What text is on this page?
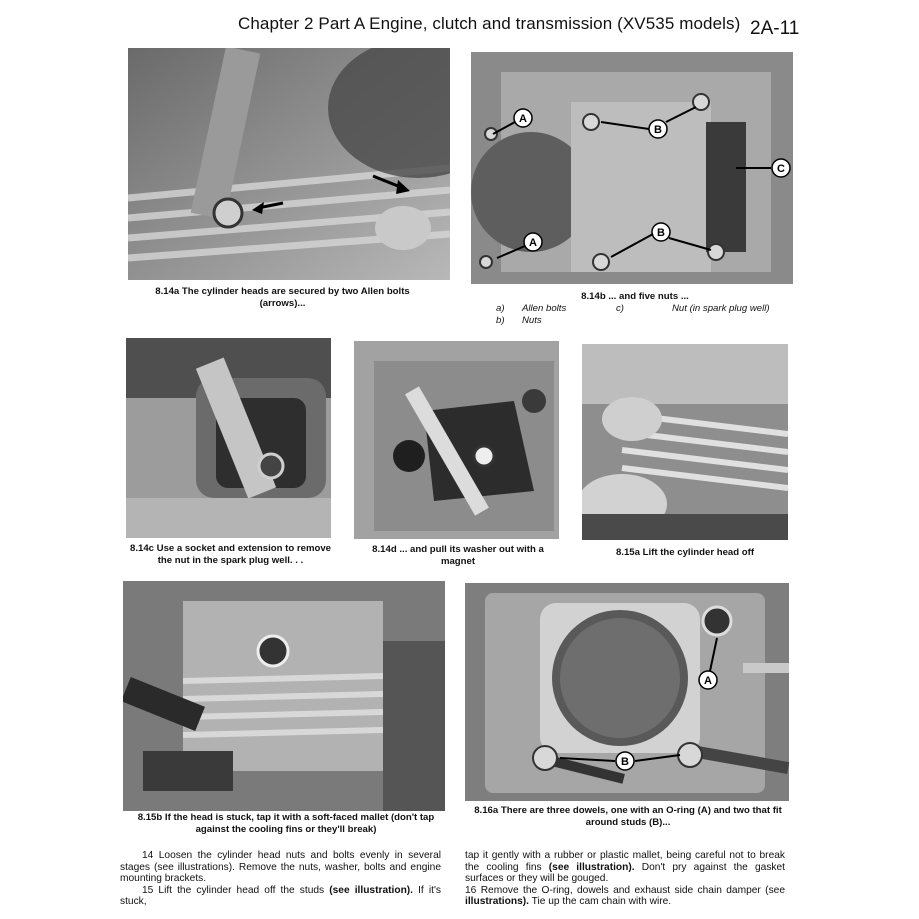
Chapter 2 Part A Engine, clutch and transmission (XV535 models) 2A-11
8.14a The cylinder heads are secured by two Allen bolts (arrows)...
A
A
B
B
C
8.14b ... and five nuts ...
a) Allen bolts
b) Nuts
c)	Nut (in spark plug well)
8.14c Use a socket and extension to remove the nut in the spark plug well. . .
8.14d ... and pull its washer out with a magnet
8.15a Lift the cylinder head off
8.15b If the head is stuck, tap it with a soft-faced mallet (don't tap against the cooling fins or they'll break)
A
B
8.16a There are three dowels, one with an O-ring (A) and two that fit around studs (B)...

14 Loosen the cylinder head nuts and bolts evenly in several stages (see illustrations). Remove the nuts, washer, bolts and engine mounting brackets.

15 Lift the cylinder head off the studs (see illustration). If it's stuck,

tap it gently with a rubber or plastic mallet, being careful not to break the cooling fins (see illustration). Don't pry against the gasket surfaces or they will be gouged.

16 Remove the O-ring, dowels and exhaust side chain damper (see illustrations). Tie up the cam chain with wire.
